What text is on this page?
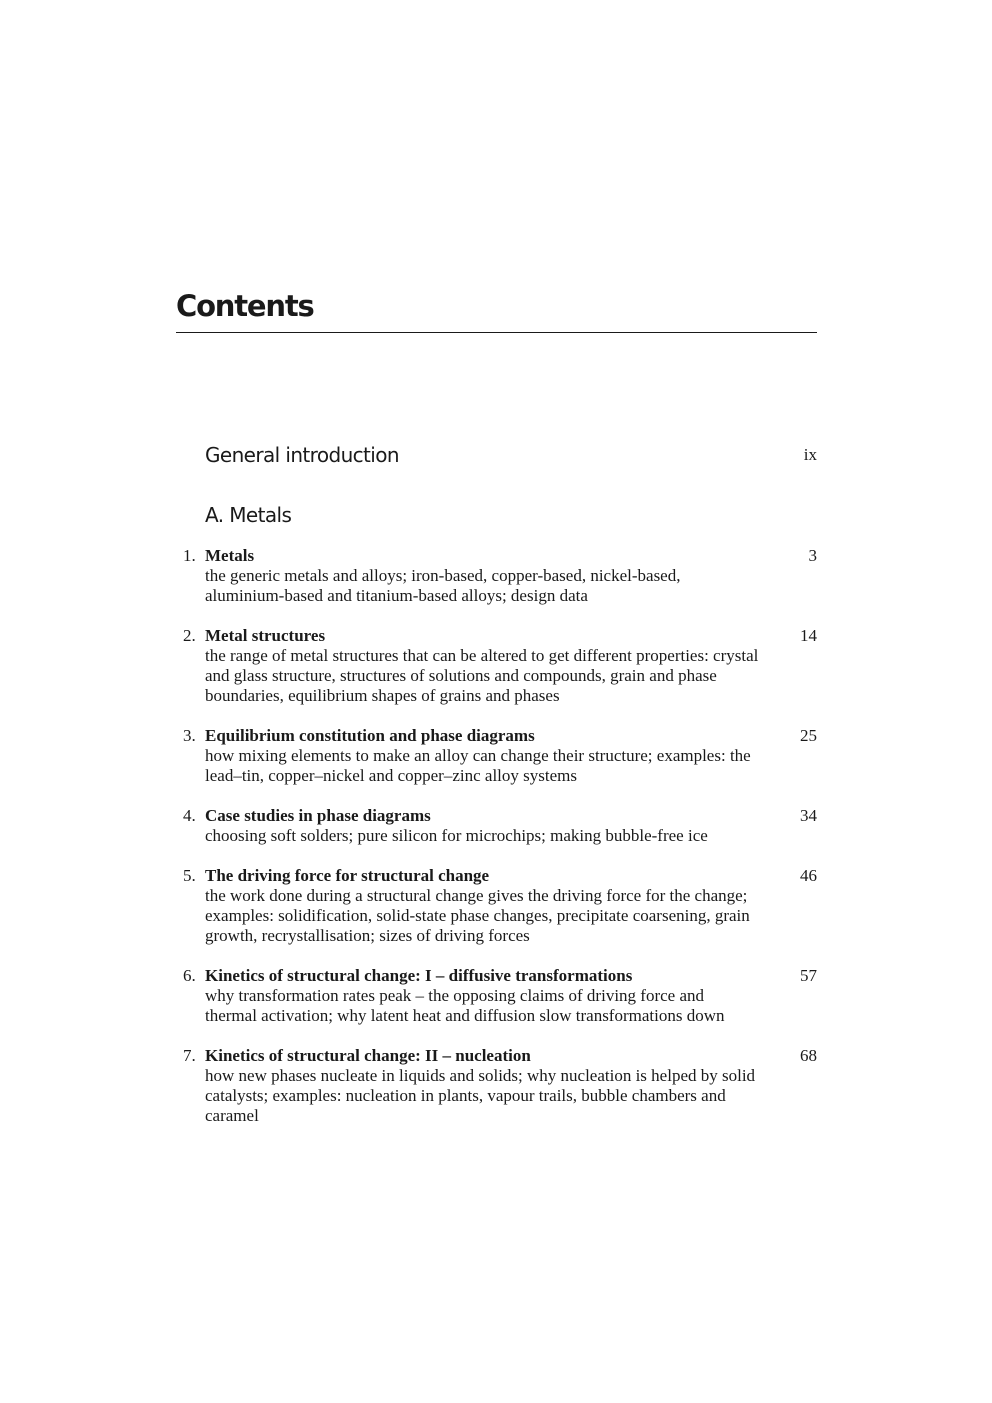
Contents
General introduction	ix
A. Metals
1. Metals	3
the generic metals and alloys; iron-based, copper-based, nickel-based, aluminium-based and titanium-based alloys; design data
2. Metal structures	14
the range of metal structures that can be altered to get different properties: crystal and glass structure, structures of solutions and compounds, grain and phase boundaries, equilibrium shapes of grains and phases
3. Equilibrium constitution and phase diagrams	25
how mixing elements to make an alloy can change their structure; examples: the lead–tin, copper–nickel and copper–zinc alloy systems
4. Case studies in phase diagrams	34
choosing soft solders; pure silicon for microchips; making bubble-free ice
5. The driving force for structural change	46
the work done during a structural change gives the driving force for the change; examples: solidification, solid-state phase changes, precipitate coarsening, grain growth, recrystallisation; sizes of driving forces
6. Kinetics of structural change: I – diffusive transformations	57
why transformation rates peak – the opposing claims of driving force and thermal activation; why latent heat and diffusion slow transformations down
7. Kinetics of structural change: II – nucleation	68
how new phases nucleate in liquids and solids; why nucleation is helped by solid catalysts; examples: nucleation in plants, vapour trails, bubble chambers and caramel
